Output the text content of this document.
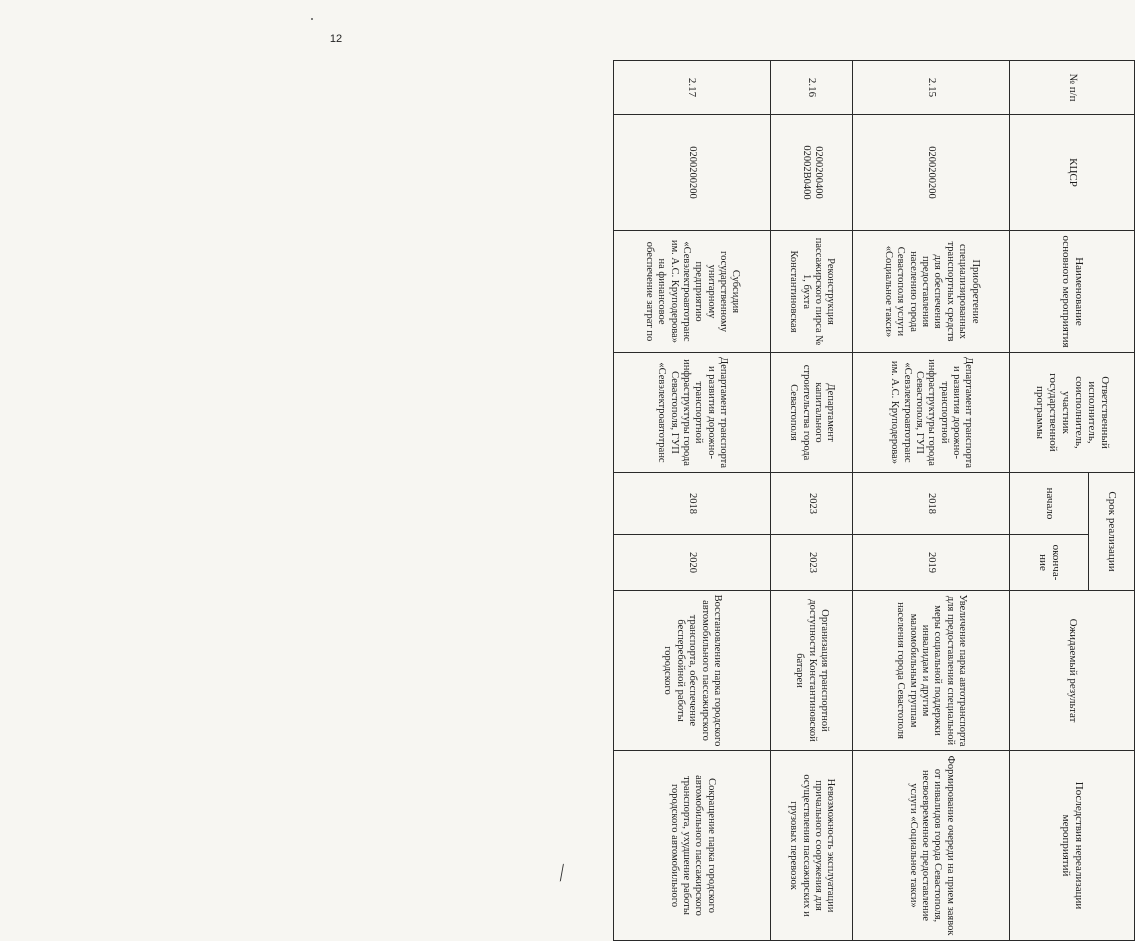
12
№ п/п	КЦСР	Наименование основного мероприятия	Ответственный исполнитель, соисполнитель, участник государственной программы	Срок реализации		Ожидаемый результат	Последствия нереализации мероприятий
				начало	оконча-ние		
2.15	0200200200	Приобретение специализированных транспортных средств для обеспечения предоставления населению города Севастополя услуги «Социальное такси»	Департамент транспорта и развития дорожно-транспортной инфраструктуры города Севастополя, ГУП «Севэлектроавтотранс им. А.С. Круподерова»	2018	2019	Увеличение парка автотранспорта для предоставления специальной меры социальной поддержки инвалидам и другим маломобильным группам населения города Севастополя	Формирование очереди на прием заявок от инвалидов города Севастополя, несвоевременное предоставление услуги «Социальное такси»
2.16	0200200400 02002В0400	Реконструкция пассажирского пирса № 1, бухта Константиновская	Департамент капитального строительства города Севастополя	2023	2023	Организация транспортной доступности Константиновской батареи	Невозможность эксплуатации причального сооружения для осуществления пассажирских и грузовых перевозок
2.17	0200200200	Субсидия государственному унитарному предприятию «Севэлектроавтотранс им. А.С. Круподерова» на финансовое обеспечение затрат по	Департамент транспорта и развития дорожно-транспортной инфраструктуры города Севастополя, ГУП «Севэлектроавтотранс	2018	2020	Восстановление парка городского автомобильного пассажирского транспорта, обеспечение бесперебойной работы городского	Сокращение парка городского автомобильного пассажирского транспорта, ухудшение работы городского автомобильного
⟋
